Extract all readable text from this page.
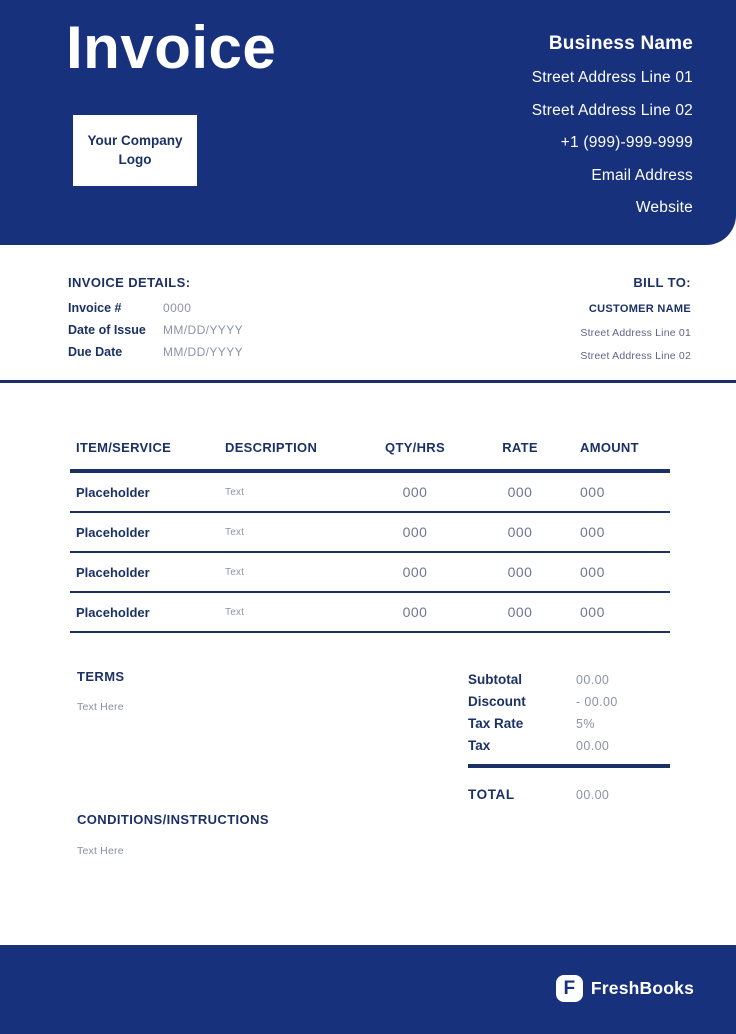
Invoice
Your Company
Logo
Business Name
Street Address Line 01
Street Address Line 02
+1 (999)-999-9999
Email Address
Website
INVOICE DETAILS:
Invoice #	0000
Date of Issue	MM/DD/YYYY
Due Date	MM/DD/YYYY
BILL TO:
CUSTOMER NAME
Street Address Line 01
Street Address Line 02
ITEM/SERVICE	DESCRIPTION	QTY/HRS	RATE	AMOUNT
Placeholder	Text	000	000	000
Placeholder	Text	000	000	000
Placeholder	Text	000	000	000
Placeholder	Text	000	000	000
TERMS
Text Here
Subtotal	00.00
Discount	- 00.00
Tax Rate	5%
Tax	00.00
TOTAL	00.00
CONDITIONS/INSTRUCTIONS
Text Here
F FreshBooks
